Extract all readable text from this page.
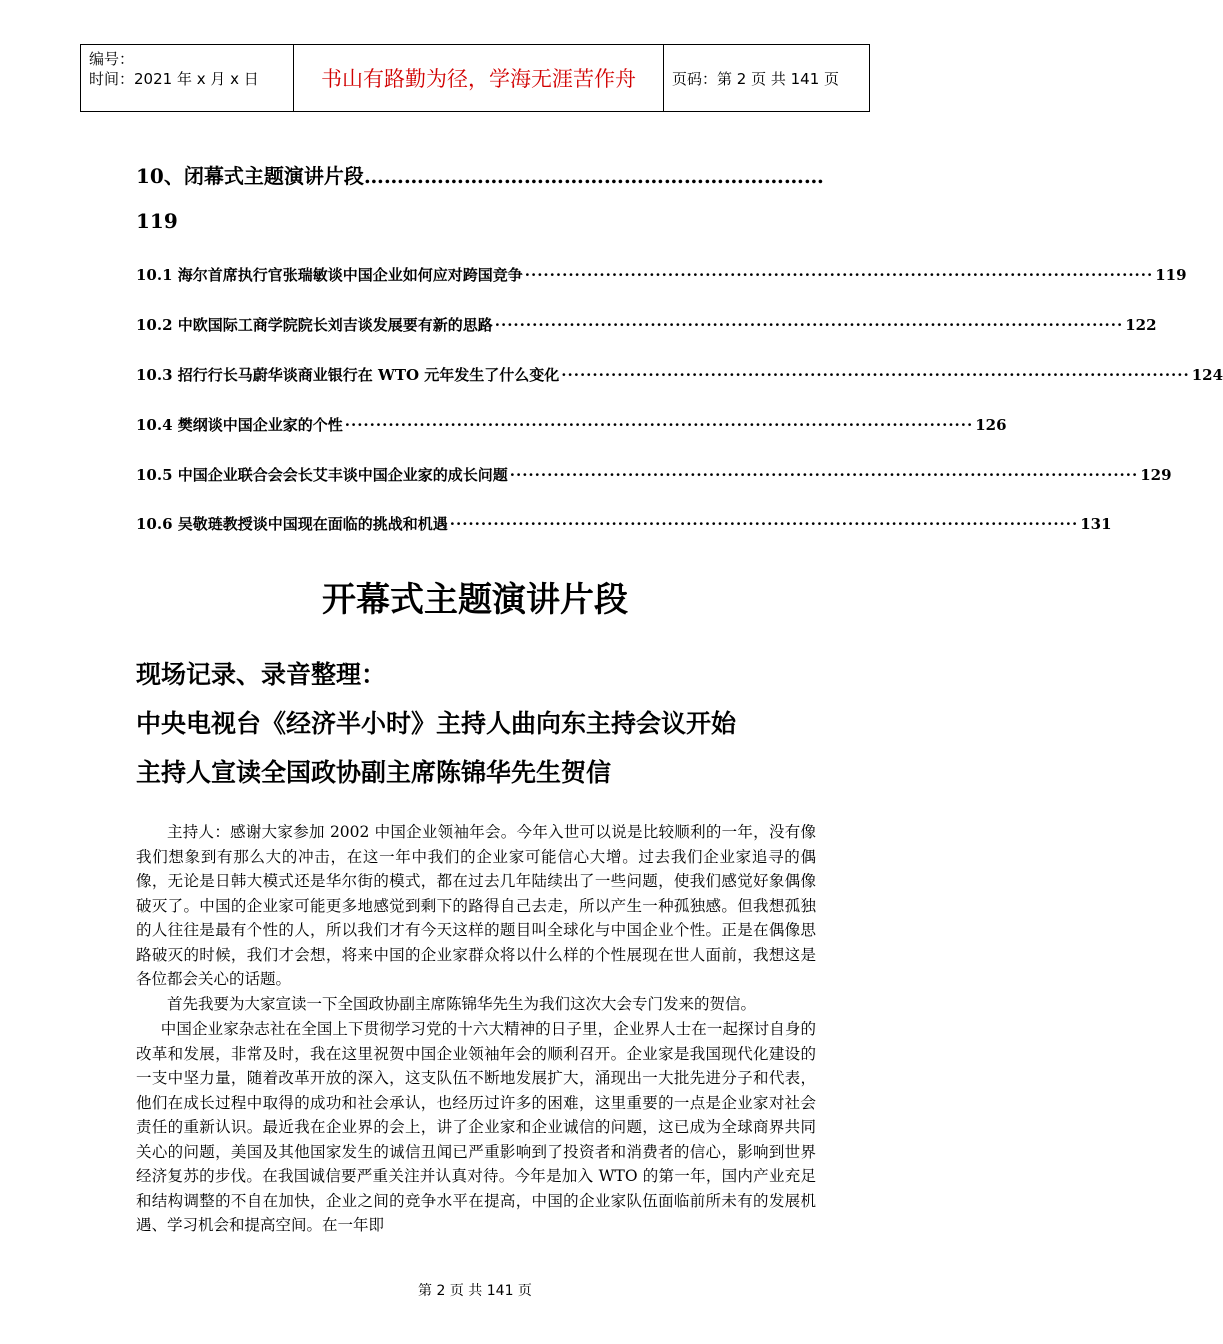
编号：
时间：2021 年 x 月 x 日	书山有路勤为径，学海无涯苦作舟	页码：第 2 页 共 141 页
10、闭幕式主题演讲片段……………………………………………………………
119
10.1 海尔首席执行官张瑞敏谈中国企业如何应对跨国竞争 ····································································································· 119
10.2 中欧国际工商学院院长刘吉谈发展要有新的思路 ····································································································· 122
10.3 招行行长马蔚华谈商业银行在 WTO 元年发生了什么变化 ····································································································· 124
10.4 樊纲谈中国企业家的个性 ····································································································· 126
10.5 中国企业联合会会长艾丰谈中国企业家的成长问题 ····································································································· 129
10.6 吴敬琏教授谈中国现在面临的挑战和机遇 ····································································································· 131
开幕式主题演讲片段
现场记录、录音整理：
中央电视台《经济半小时》主持人曲向东主持会议开始
主持人宣读全国政协副主席陈锦华先生贺信
主持人：感谢大家参加 2002 中国企业领袖年会。今年入世可以说是比较顺利的一年，没有像我们想象到有那么大的冲击，在这一年中我们的企业家可能信心大增。过去我们企业家追寻的偶像，无论是日韩大模式还是华尔街的模式，都在过去几年陆续出了一些问题，使我们感觉好象偶像破灭了。中国的企业家可能更多地感觉到剩下的路得自己去走，所以产生一种孤独感。但我想孤独的人往往是最有个性的人，所以我们才有今天这样的题目叫全球化与中国企业个性。正是在偶像思路破灭的时候，我们才会想，将来中国的企业家群众将以什么样的个性展现在世人面前，我想这是各位都会关心的话题。
首先我要为大家宣读一下全国政协副主席陈锦华先生为我们这次大会专门发来的贺信。
中国企业家杂志社在全国上下贯彻学习党的十六大精神的日子里，企业界人士在一起探讨自身的改革和发展，非常及时，我在这里祝贺中国企业领袖年会的顺利召开。企业家是我国现代化建设的一支中坚力量，随着改革开放的深入，这支队伍不断地发展扩大，涌现出一大批先进分子和代表，他们在成长过程中取得的成功和社会承认，也经历过许多的困难，这里重要的一点是企业家对社会责任的重新认识。最近我在企业界的会上，讲了企业家和企业诚信的问题，这已成为全球商界共同关心的问题，美国及其他国家发生的诚信丑闻已严重影响到了投资者和消费者的信心，影响到世界经济复苏的步伐。在我国诚信要严重关注并认真对待。今年是加入 WTO 的第一年，国内产业充足和结构调整的不自在加快，企业之间的竞争水平在提高，中国的企业家队伍面临前所未有的发展机遇、学习机会和提高空间。在一年即
第 2 页 共 141 页
